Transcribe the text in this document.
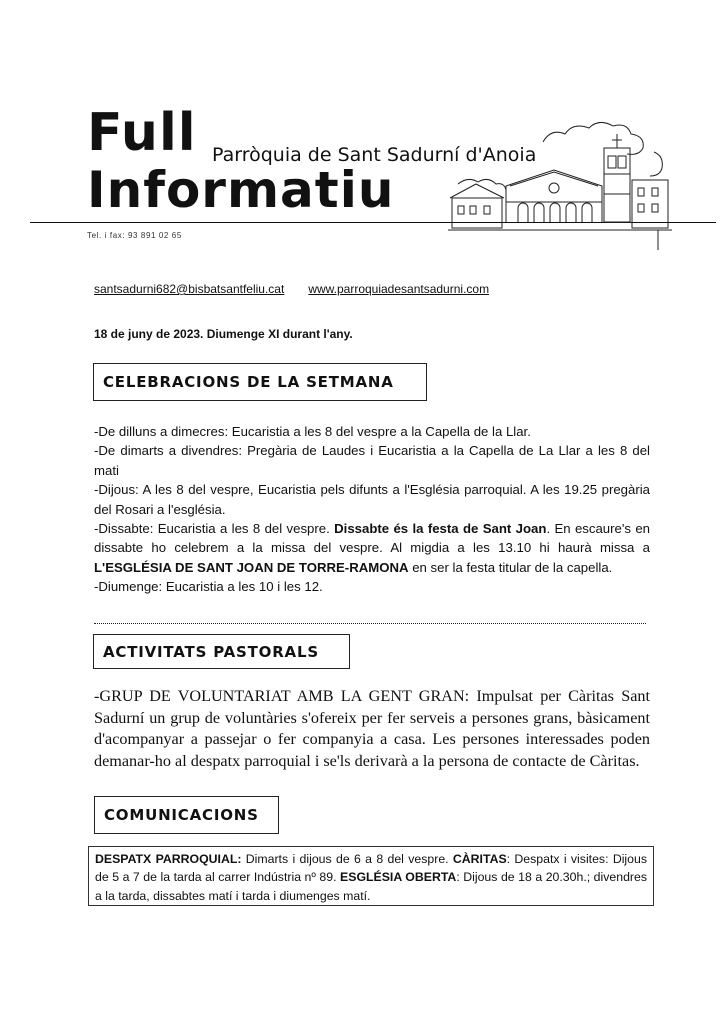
Full
Informatiu
Parròquia de Sant Sadurní d'Anoia
Tel. i fax: 93 891 02 65
santsadurni682@bisbatsantfeliu.cat www.parroquiadesantsadurni.com
18 de juny de 2023. Diumenge XI durant l'any.
CELEBRACIONS DE LA SETMANA

-De dilluns a dimecres: Eucaristia a les 8 del vespre a la Capella de la Llar.

-De dimarts a divendres: Pregària de Laudes i Eucaristia a la Capella de La Llar a les 8 del mati

-Dijous: A les 8 del vespre, Eucaristia pels difunts a l'Església parroquial. A les 19.25 pregària del Rosari a l'església.

-Dissabte: Eucaristia a les 8 del vespre. Dissabte és la festa de Sant Joan. En escaure's en dissabte ho celebrem a la missa del vespre. Al migdia a les 13.10 hi haurà missa a L'ESGLÉSIA DE SANT JOAN DE TORRE-RAMONA en ser la festa titular de la capella.

-Diumenge: Eucaristia a les 10 i les 12.

ACTIVITATS PASTORALS

-GRUP DE VOLUNTARIAT AMB LA GENT GRAN: Impulsat per Càritas Sant Sadurní un grup de voluntàries s'ofereix per fer serveis a persones grans, bàsicament d'acompanyar a passejar o fer companyia a casa. Les persones interessades poden demanar-ho al despatx parroquial i se'ls derivarà a la persona de contacte de Càritas.

COMUNICACIONS
DESPATX PARROQUIAL: Dimarts i dijous de 6 a 8 del vespre. CÀRITAS: Despatx i visites: Dijous de 5 a 7 de la tarda al carrer Indústria nº 89. ESGLÉSIA OBERTA: Dijous de 18 a 20.30h.; divendres a la tarda, dissabtes matí i tarda i diumenges matí.
